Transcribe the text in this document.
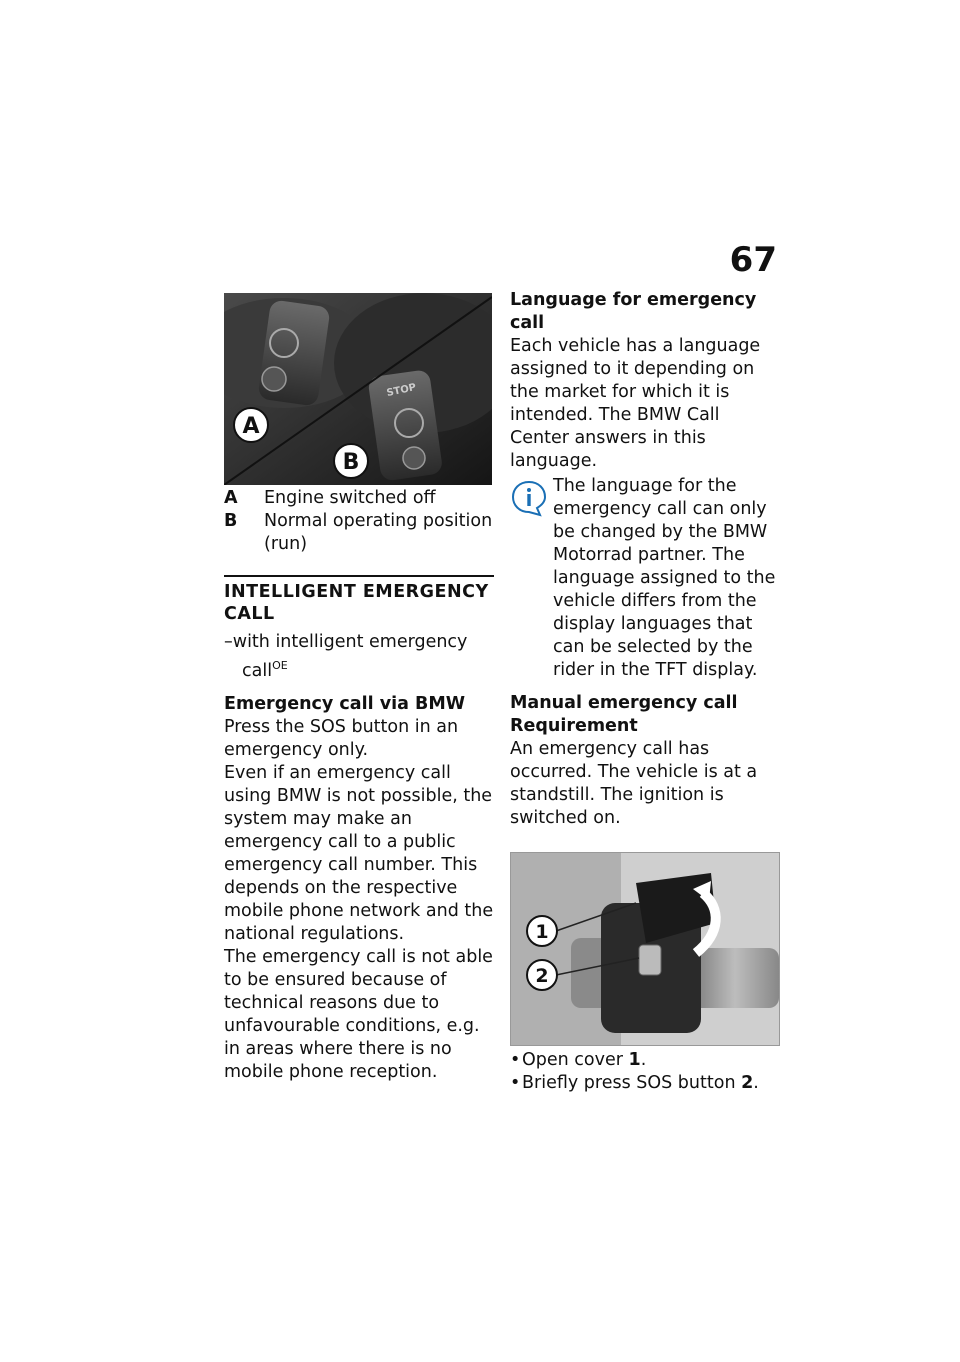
67
A
B
STOP
A	Engine switched off
B	Normal operating position (run)
INTELLIGENT EMERGENCY CALL
–with intelligent emergency call$^{OE}$
Emergency call via BMW

Press the SOS button in an emergency only.

Even if an emergency call using BMW is not possible, the system may make an emergency call to a public emergency call number. This depends on the respective mobile phone network and the national regulations.

The emergency call is not able to be ensured because of technical reasons due to unfavourable conditions, e.g. in areas where there is no mobile phone reception.

Language for emergency call

Each vehicle has a language assigned to it depending on the market for which it is intended. The BMW Call Center answers in this language.

The language for the emergency call can only be changed by the BMW Motorrad partner. The language assigned to the vehicle differs from the display languages that can be selected by the rider in the TFT display.

Manual emergency call
Requirement

An emergency call has occurred. The vehicle is at a standstill. The ignition is switched on.

1
2
• Open cover 1.
• Briefly press SOS button 2.
